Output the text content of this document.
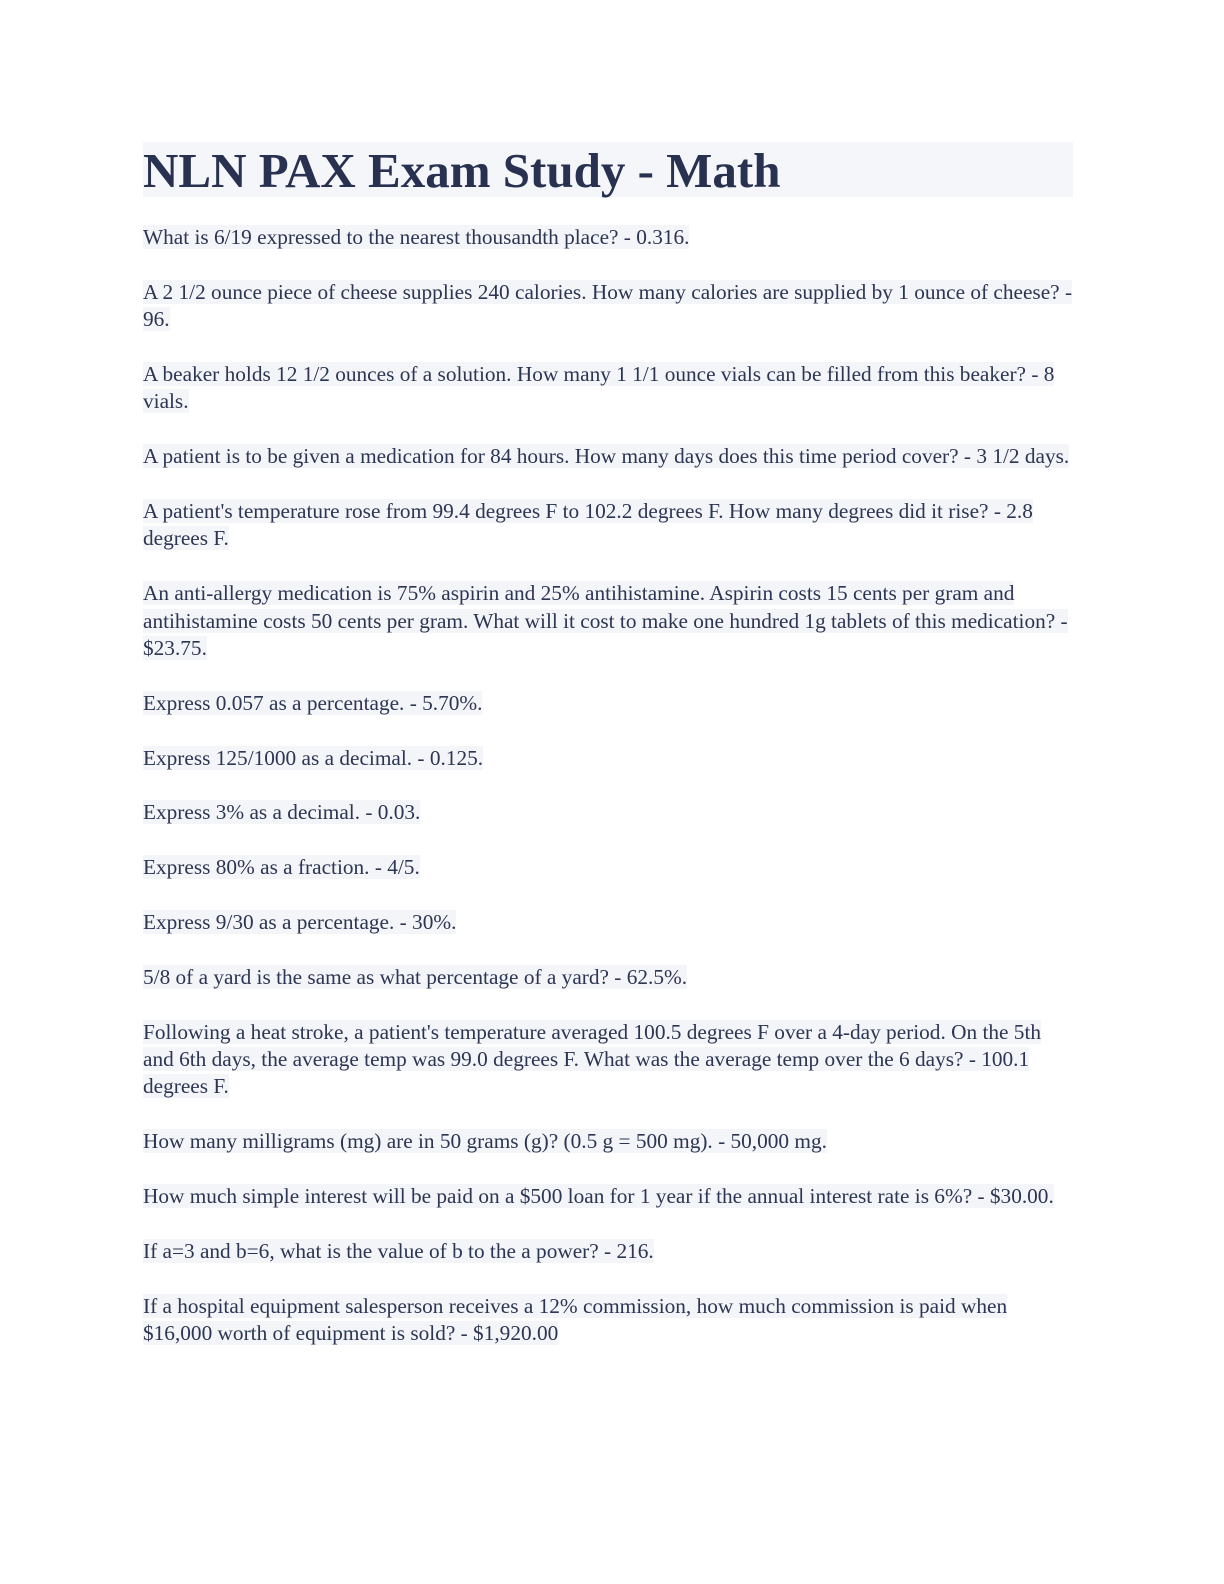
NLN PAX Exam Study - Math
What is 6/19 expressed to the nearest thousandth place? - 0.316.
A 2 1/2 ounce piece of cheese supplies 240 calories. How many calories are supplied by 1 ounce of cheese? - 96.
A beaker holds 12 1/2 ounces of a solution. How many 1 1/1 ounce vials can be filled from this beaker? - 8 vials.
A patient is to be given a medication for 84 hours. How many days does this time period cover? - 3 1/2 days.
A patient's temperature rose from 99.4 degrees F to 102.2 degrees F. How many degrees did it rise? - 2.8 degrees F.
An anti-allergy medication is 75% aspirin and 25% antihistamine. Aspirin costs 15 cents per gram and antihistamine costs 50 cents per gram. What will it cost to make one hundred 1g tablets of this medication? - $23.75.
Express 0.057 as a percentage. - 5.70%.
Express 125/1000 as a decimal. - 0.125.
Express 3% as a decimal. - 0.03.
Express 80% as a fraction. - 4/5.
Express 9/30 as a percentage. - 30%.
5/8 of a yard is the same as what percentage of a yard? - 62.5%.
Following a heat stroke, a patient's temperature averaged 100.5 degrees F over a 4-day period. On the 5th and 6th days, the average temp was 99.0 degrees F. What was the average temp over the 6 days? - 100.1 degrees F.
How many milligrams (mg) are in 50 grams (g)? (0.5 g = 500 mg). - 50,000 mg.
How much simple interest will be paid on a $500 loan for 1 year if the annual interest rate is 6%? - $30.00.
If a=3 and b=6, what is the value of b to the a power? - 216.
If a hospital equipment salesperson receives a 12% commission, how much commission is paid when $16,000 worth of equipment is sold? - $1,920.00
